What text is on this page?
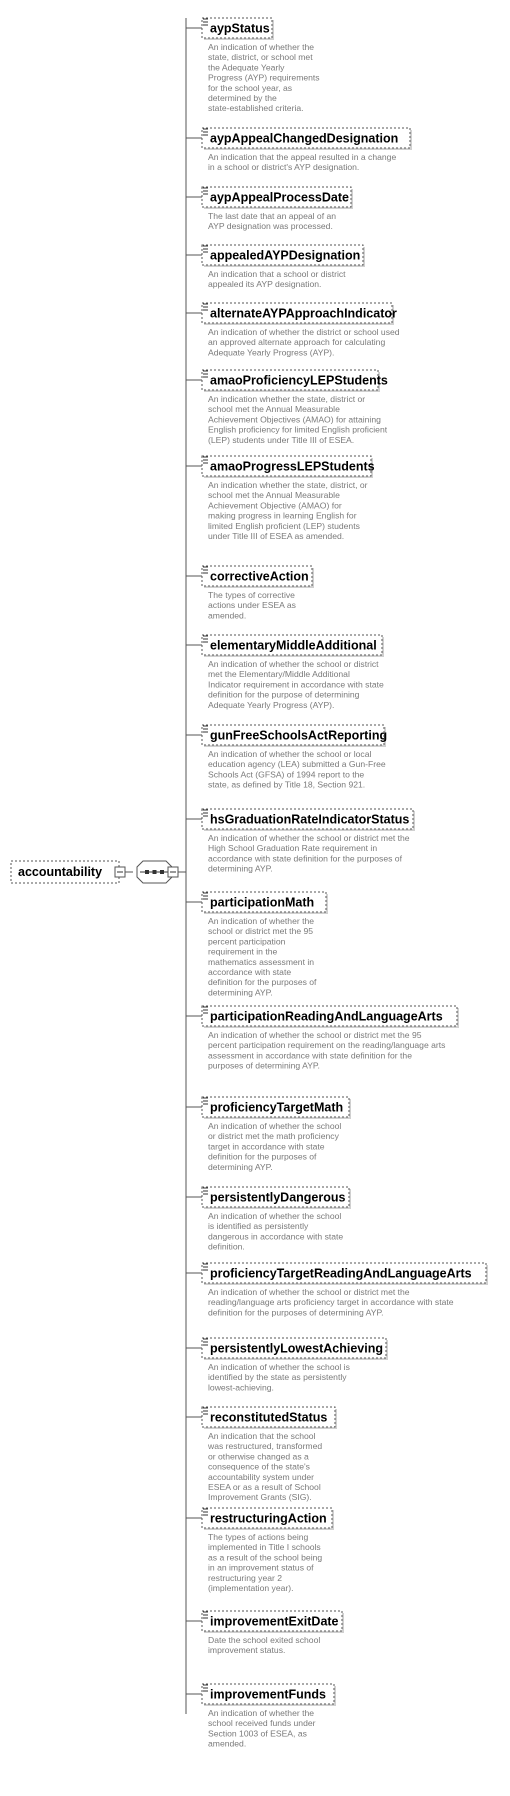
accountability
aypStatus
An indication of whether the state, district, or school met the Adequate Yearly Progress (AYP) requirements for the school year, as determined by the state-established criteria.
aypAppealChangedDesignation
An indication that the appeal resulted in a change in a school or district's AYP designation.
aypAppealProcessDate
The last date that an appeal of an AYP designation was processed.
appealedAYPDesignation
An indication that a school or district appealed its AYP designation.
alternateAYPApproachIndicator
An indication of whether the district or school used an approved alternate approach for calculating Adequate Yearly Progress (AYP).
amaoProficiencyLEPStudents
An indication whether the state, district or school met the Annual Measurable Achievement Objectives (AMAO) for attaining English proficiency for limited English proficient (LEP) students under Title III of ESEA.
amaoProgressLEPStudents
An indication whether the state, district, or school met the Annual Measurable Achievement Objective (AMAO) for making progress in learning English for limited English proficient (LEP) students under Title III of ESEA as amended.
correctiveAction
The types of corrective actions under ESEA as amended.
elementaryMiddleAdditional
An indication of whether the school or district met the Elementary/Middle Additional Indicator requirement in accordance with state definition for the purpose of determining Adequate Yearly Progress (AYP).
gunFreeSchoolsActReporting
An indication of whether the school or local education agency (LEA) submitted a Gun-Free Schools Act (GFSA) of 1994 report to the state, as defined by Title 18, Section 921.
hsGraduationRateIndicatorStatus
An indication of whether the school or district met the High School Graduation Rate requirement in accordance with state definition for the purposes of determining AYP.
participationMath
An indication of whether the school or district met the 95 percent participation requirement in the mathematics assessment in accordance with state definition for the purposes of determining AYP.
participationReadingAndLanguageArts
An indication of whether the school or district met the 95 percent participation requirement on the reading/language arts assessment in accordance with state definition for the purposes of determining AYP.
proficiencyTargetMath
An indication of whether the school or district met the math proficiency target in accordance with state definition for the purposes of determining AYP.
persistentlyDangerous
An indication of whether the school is identified as persistently dangerous in accordance with state definition.
proficiencyTargetReadingAndLanguageArts
An indication of whether the school or district met the reading/language arts proficiency target in accordance with state definition for the purposes of determining AYP.
persistentlyLowestAchieving
An indication of whether the school is identified by the state as persistently lowest-achieving.
reconstitutedStatus
An indication that the school was restructured, transformed or otherwise changed as a consequence of the state's accountability system under ESEA or as a result of School Improvement Grants (SIG).
restructuringAction
The types of actions being implemented in Title I schools as a result of the school being in an improvement status of restructuring year 2 (implementation year).
improvementExitDate
Date the school exited school improvement status.
improvementFunds
An indication of whether the school received funds under Section 1003 of ESEA, as amended.
